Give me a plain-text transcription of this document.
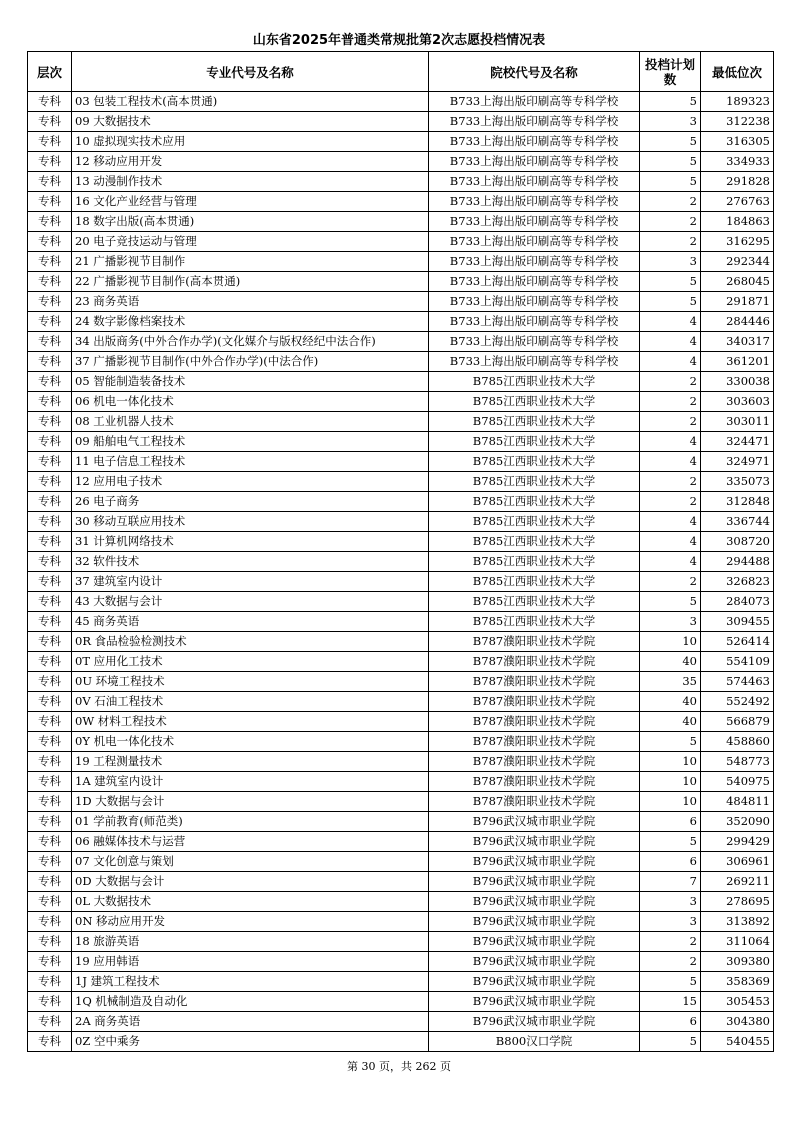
山东省2025年普通类常规批第2次志愿投档情况表
层次	专业代号及名称	院校代号及名称	投档计划数	最低位次
专科	03 包装工程技术(高本贯通)	B733上海出版印刷高等专科学校	5	189323
专科	09 大数据技术	B733上海出版印刷高等专科学校	3	312238
专科	10 虚拟现实技术应用	B733上海出版印刷高等专科学校	5	316305
专科	12 移动应用开发	B733上海出版印刷高等专科学校	5	334933
专科	13 动漫制作技术	B733上海出版印刷高等专科学校	5	291828
专科	16 文化产业经营与管理	B733上海出版印刷高等专科学校	2	276763
专科	18 数字出版(高本贯通)	B733上海出版印刷高等专科学校	2	184863
专科	20 电子竞技运动与管理	B733上海出版印刷高等专科学校	2	316295
专科	21 广播影视节目制作	B733上海出版印刷高等专科学校	3	292344
专科	22 广播影视节目制作(高本贯通)	B733上海出版印刷高等专科学校	5	268045
专科	23 商务英语	B733上海出版印刷高等专科学校	5	291871
专科	24 数字影像档案技术	B733上海出版印刷高等专科学校	4	284446
专科	34 出版商务(中外合作办学)(文化媒介与版权经纪中法合作)	B733上海出版印刷高等专科学校	4	340317
专科	37 广播影视节目制作(中外合作办学)(中法合作)	B733上海出版印刷高等专科学校	4	361201
专科	05 智能制造装备技术	B785江西职业技术大学	2	330038
专科	06 机电一体化技术	B785江西职业技术大学	2	303603
专科	08 工业机器人技术	B785江西职业技术大学	2	303011
专科	09 船舶电气工程技术	B785江西职业技术大学	4	324471
专科	11 电子信息工程技术	B785江西职业技术大学	4	324971
专科	12 应用电子技术	B785江西职业技术大学	2	335073
专科	26 电子商务	B785江西职业技术大学	2	312848
专科	30 移动互联应用技术	B785江西职业技术大学	4	336744
专科	31 计算机网络技术	B785江西职业技术大学	4	308720
专科	32 软件技术	B785江西职业技术大学	4	294488
专科	37 建筑室内设计	B785江西职业技术大学	2	326823
专科	43 大数据与会计	B785江西职业技术大学	5	284073
专科	45 商务英语	B785江西职业技术大学	3	309455
专科	0R 食品检验检测技术	B787濮阳职业技术学院	10	526414
专科	0T 应用化工技术	B787濮阳职业技术学院	40	554109
专科	0U 环境工程技术	B787濮阳职业技术学院	35	574463
专科	0V 石油工程技术	B787濮阳职业技术学院	40	552492
专科	0W 材料工程技术	B787濮阳职业技术学院	40	566879
专科	0Y 机电一体化技术	B787濮阳职业技术学院	5	458860
专科	19 工程测量技术	B787濮阳职业技术学院	10	548773
专科	1A 建筑室内设计	B787濮阳职业技术学院	10	540975
专科	1D 大数据与会计	B787濮阳职业技术学院	10	484811
专科	01 学前教育(师范类)	B796武汉城市职业学院	6	352090
专科	06 融媒体技术与运营	B796武汉城市职业学院	5	299429
专科	07 文化创意与策划	B796武汉城市职业学院	6	306961
专科	0D 大数据与会计	B796武汉城市职业学院	7	269211
专科	0L 大数据技术	B796武汉城市职业学院	3	278695
专科	0N 移动应用开发	B796武汉城市职业学院	3	313892
专科	18 旅游英语	B796武汉城市职业学院	2	311064
专科	19 应用韩语	B796武汉城市职业学院	2	309380
专科	1J 建筑工程技术	B796武汉城市职业学院	5	358369
专科	1Q 机械制造及自动化	B796武汉城市职业学院	15	305453
专科	2A 商务英语	B796武汉城市职业学院	6	304380
专科	0Z 空中乘务	B800汉口学院	5	540455
第 30 页，共 262 页
